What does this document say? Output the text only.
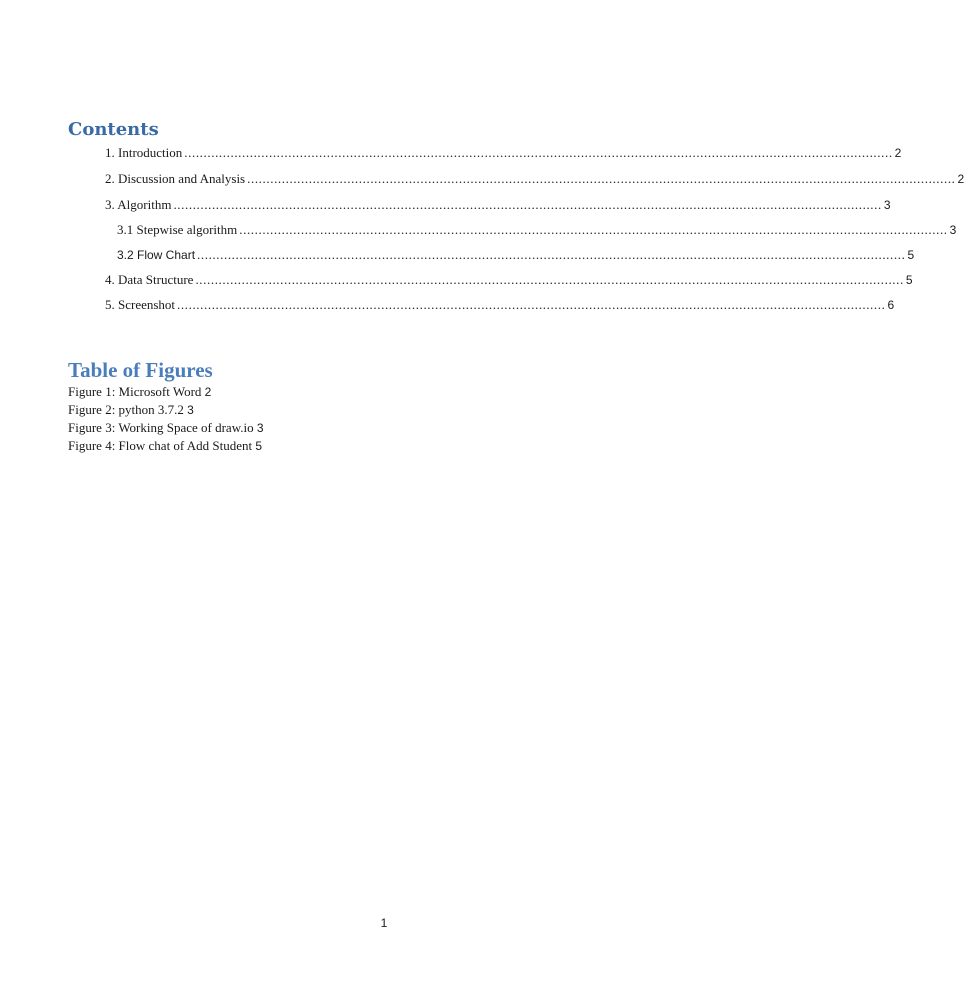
Contents
1. Introduction ........................................................................................................................................................................................ 2
2. Discussion and Analysis ........................................................................................................................................................................................ 2
3. Algorithm ........................................................................................................................................................................................ 3
3.1 Stepwise algorithm ........................................................................................................................................................................................ 3
3.2 Flow Chart ........................................................................................................................................................................................ 5
4. Data Structure ........................................................................................................................................................................................ 5
5. Screenshot ........................................................................................................................................................................................ 6
Table of Figures
Figure 1: Microsoft Word 2
Figure 2: python 3.7.2 3
Figure 3: Working Space of draw.io 3
Figure 4: Flow chat of Add Student 5
1
